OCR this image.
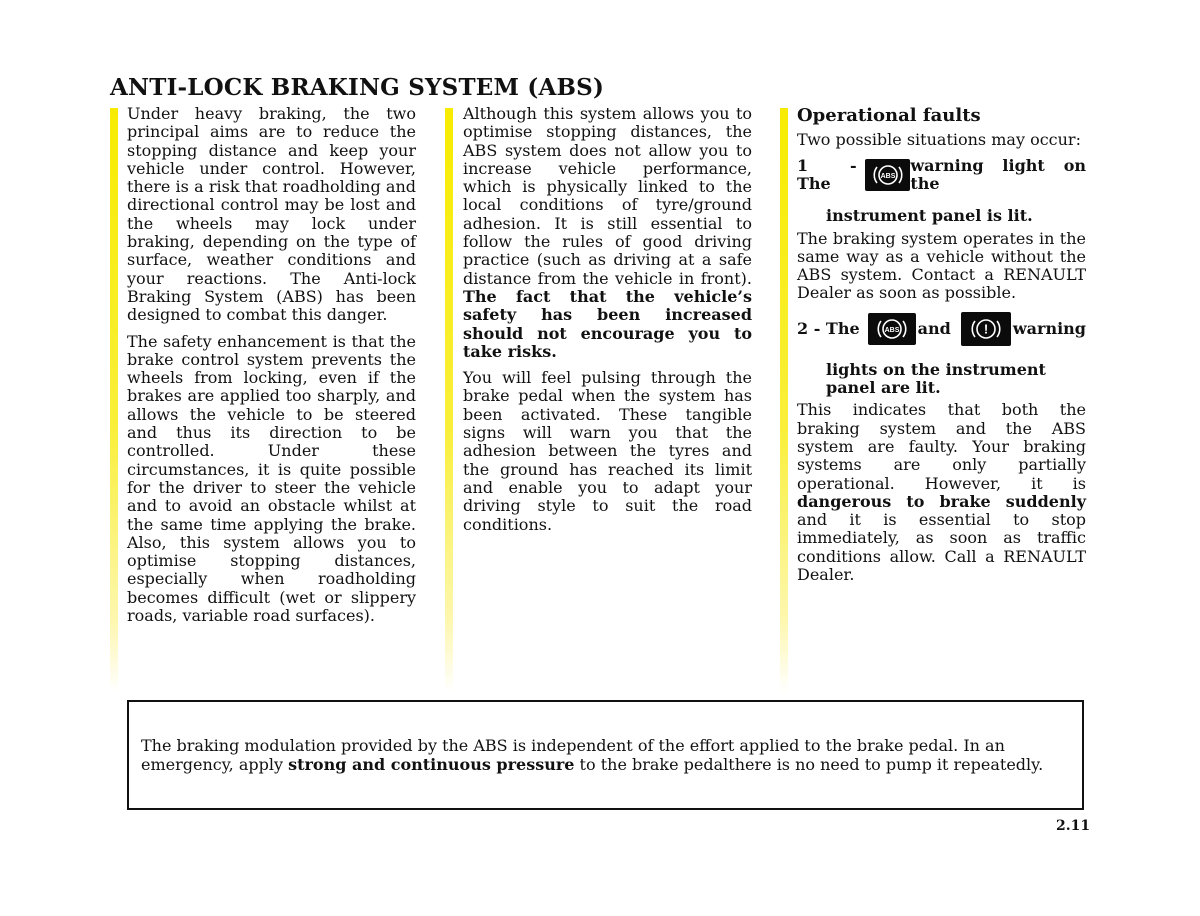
ANTI-LOCK BRAKING SYSTEM (ABS)

Under heavy braking, the two principal aims are to reduce the stopping distance and keep your vehicle under control. However, there is a risk that roadholding and directional control may be lost and the wheels may lock under braking, depending on the type of surface, weather conditions and your reactions. The Anti-lock Braking System (ABS) has been designed to combat this danger.

The safety enhancement is that the brake control system prevents the wheels from locking, even if the brakes are applied too sharply, and allows the vehicle to be steered and thus its direction to be controlled. Under these circumstances, it is quite possible for the driver to steer the vehicle and to avoid an obstacle whilst at the same time applying the brake. Also, this system allows you to optimise stopping distances, especially when roadholding becomes difficult (wet or slippery roads, variable road surfaces).

Although this system allows you to optimise stopping distances, the ABS system does not allow you to increase vehicle performance, which is physically linked to the local conditions of tyre/ground adhesion. It is still essential to follow the rules of good driving practice (such as driving at a safe distance from the vehicle in front). The fact that the vehicle’s safety has been increased should not encourage you to take risks.

You will feel pulsing through the brake pedal when the system has been activated. These tangible signs will warn you that the adhesion between the tyres and the ground has reached its limit and enable you to adapt your driving style to suit the road conditions.

Operational faults
Two possible situations may occur:
1 - The	ABS
warning light on the
instrument panel is lit.

The braking system operates in the same way as a vehicle without the ABS system. Contact a RENAULT Dealer as soon as possible.

2 - The	ABS and	! warning
lights on the instrument panel are lit.

This indicates that both the braking system and the ABS system are faulty. Your braking systems are only partially operational. However, it is dangerous to brake suddenly and it is essential to stop immediately, as soon as traffic conditions allow. Call a RENAULT Dealer.

The braking modulation provided by the ABS is independent of the effort applied to the brake pedal. In an emergency, apply strong and continuous pressure to the brake pedalthere is no need to pump it repeatedly.
2.11
